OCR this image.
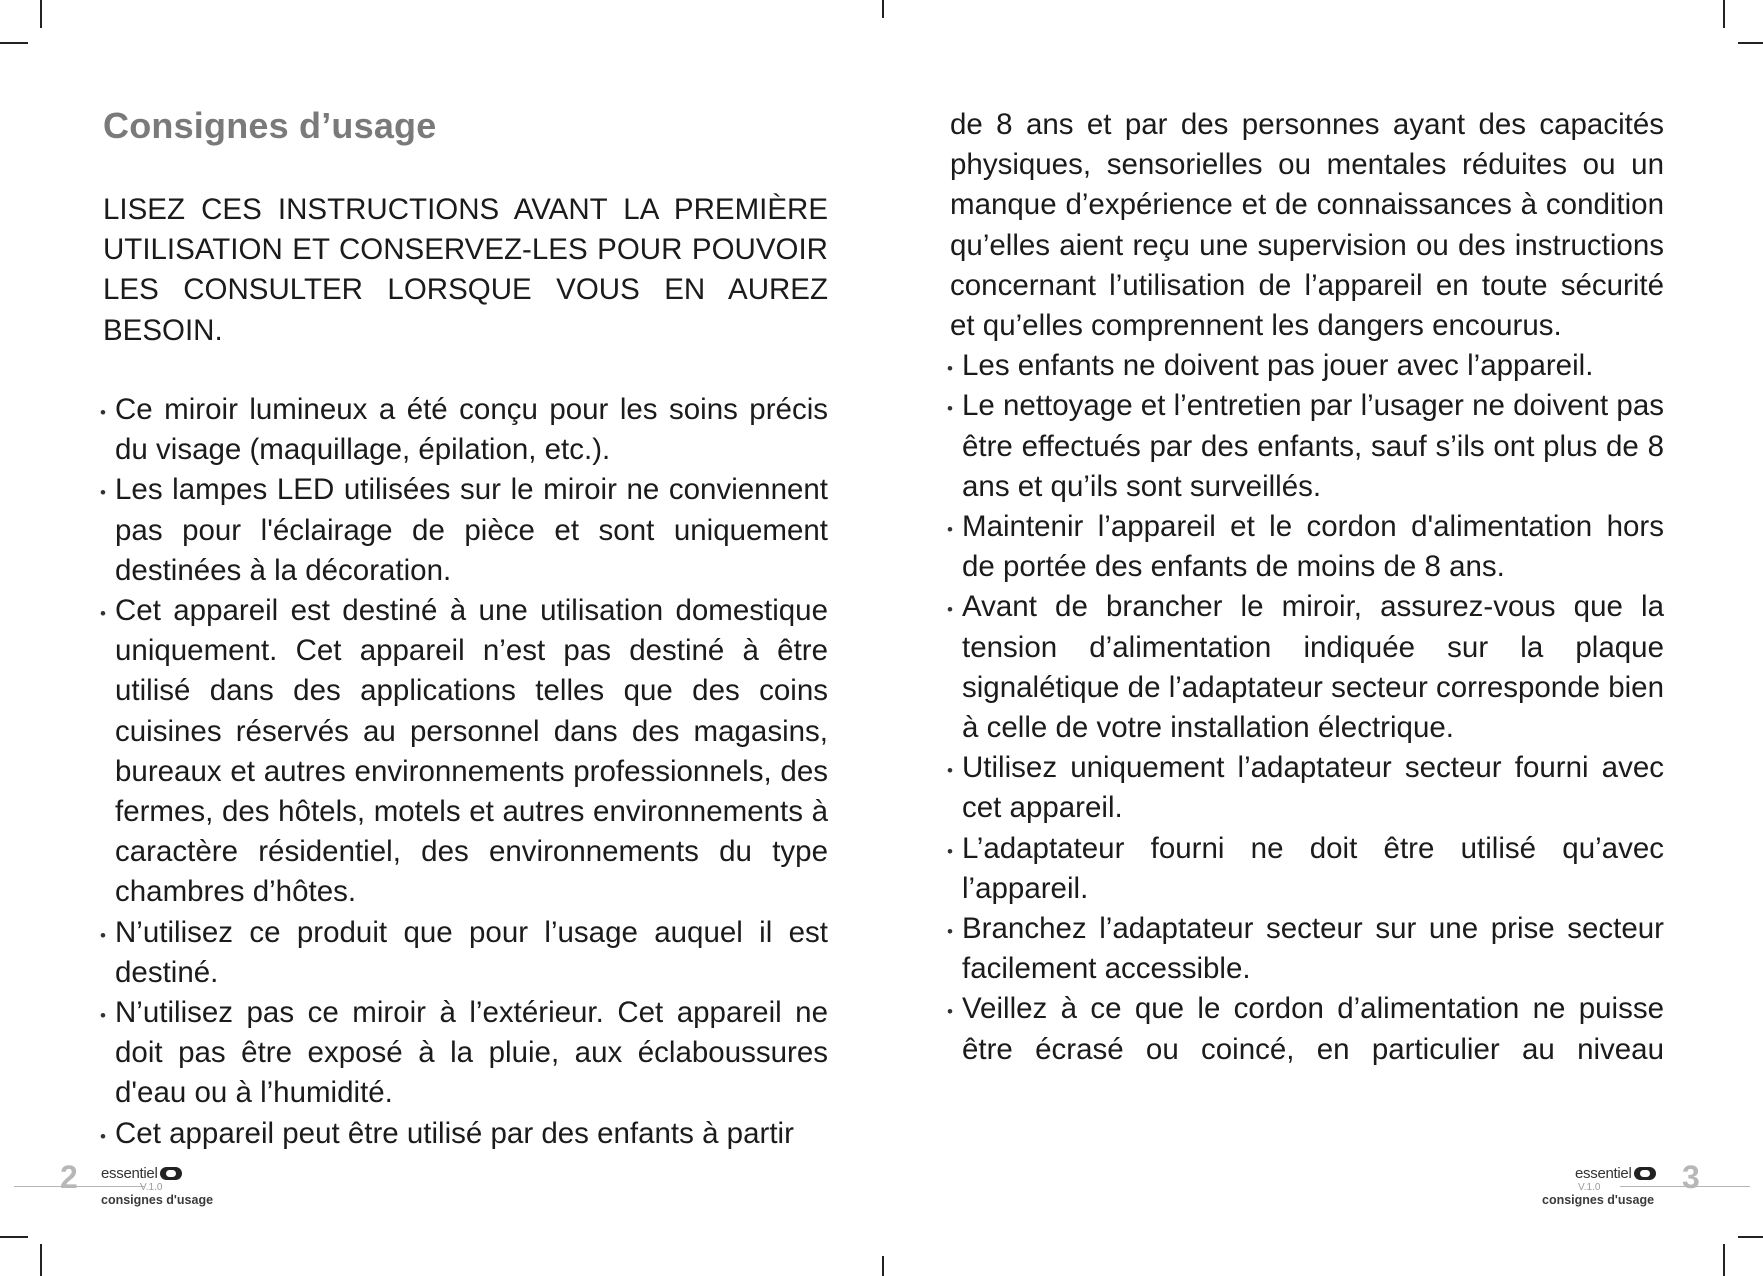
Consignes d’usage

LISEZ CES INSTRUCTIONS AVANT LA PREMIÈRE UTILISATION ET CONSERVEZ-LES POUR POUVOIR LES CONSULTER LORSQUE VOUS EN AUREZ BESOIN.

• Ce miroir lumineux a été conçu pour les soins précis du visage (maquillage, épilation, etc.).
• Les lampes LED utilisées sur le miroir ne conviennent pas pour l'éclairage de pièce et sont uniquement destinées à la décoration.
• Cet appareil est destiné à une utilisation domestique uniquement. Cet appareil n’est pas destiné à être utilisé dans des applications telles que des coins cuisines réservés au personnel dans des magasins, bureaux et autres environnements professionnels, des fermes, des hôtels, motels et autres environnements à caractère résidentiel, des environnements du type chambres d’hôtes.
• N’utilisez ce produit que pour l’usage auquel il est destiné.
• N’utilisez pas ce miroir à l’extérieur. Cet appareil ne doit pas être exposé à la pluie, aux éclaboussures d'eau ou à l’humidité.
• Cet appareil peut être utilisé par des enfants à partir
2 essentiel
V.1.0
consignes d'usage
de 8 ans et par des personnes ayant des capacités physiques, sensorielles ou mentales réduites ou un manque d’expérience et de connaissances à condition qu’elles aient reçu une supervision ou des instructions concernant l’utilisation de l’appareil en toute sécurité et qu’elles comprennent les dangers encourus.
• Les enfants ne doivent pas jouer avec l’appareil.
• Le nettoyage et l’entretien par l’usager ne doivent pas être effectués par des enfants, sauf s’ils ont plus de 8 ans et qu’ils sont surveillés.
• Maintenir l’appareil et le cordon d'alimentation hors de portée des enfants de moins de 8 ans.
• Avant de brancher le miroir, assurez-vous que la tension d’alimentation indiquée sur la plaque signalétique de l’adaptateur secteur corresponde bien à celle de votre installation électrique.
• Utilisez uniquement l’adaptateur secteur fourni avec cet appareil.
• L’adaptateur fourni ne doit être utilisé qu’avec l’appareil.
• Branchez l’adaptateur secteur sur une prise secteur facilement accessible.
• Veillez à ce que le cordon d’alimentation ne puisse être écrasé ou coincé, en particulier au niveau
essentiel
V.1.0
consignes d'usage
3
